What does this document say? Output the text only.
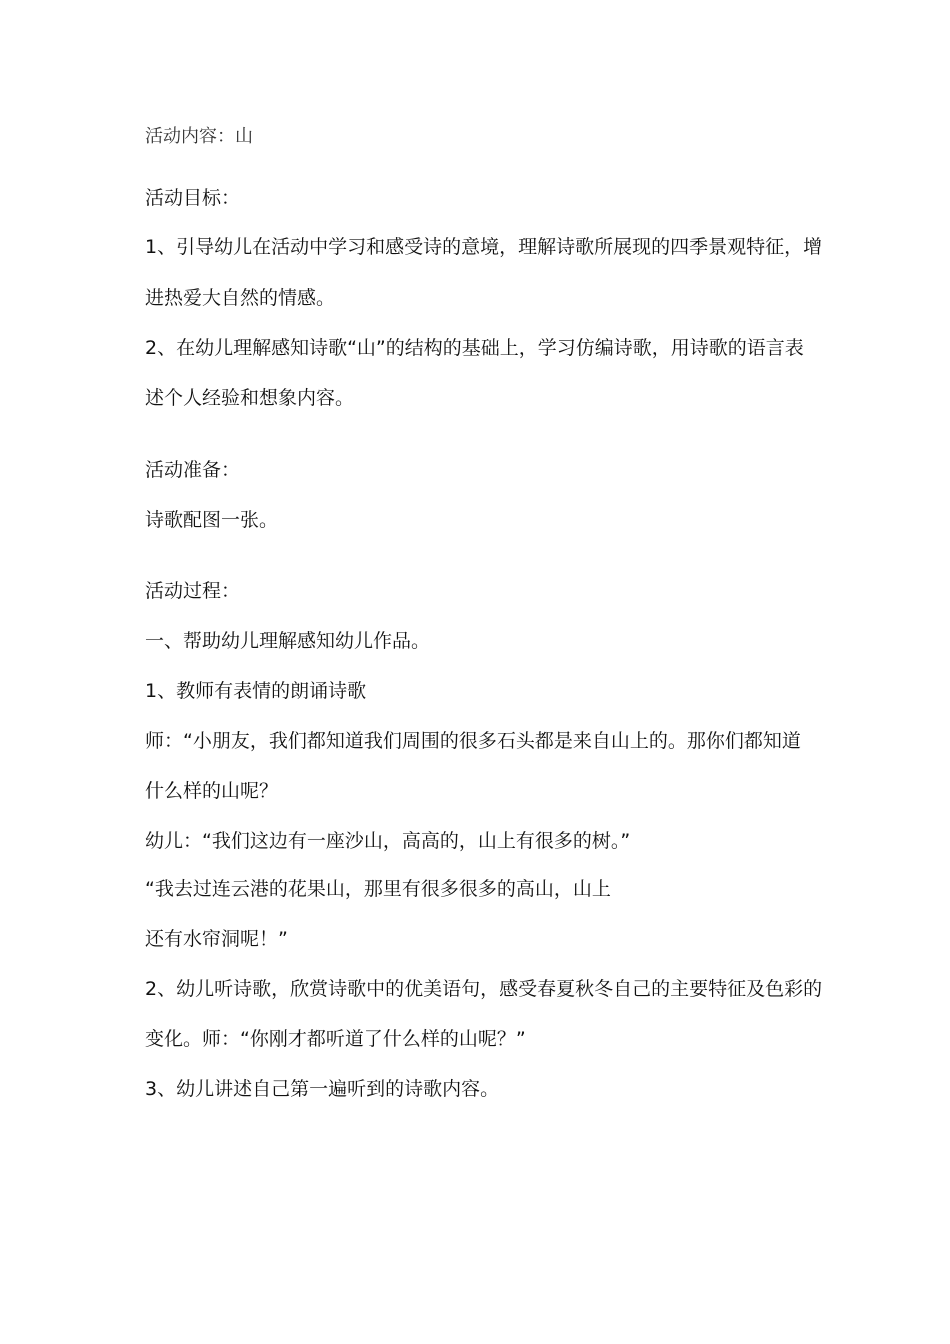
活动内容：山
活动目标：
1、引导幼儿在活动中学习和感受诗的意境，理解诗歌所展现的四季景观特征，增
进热爱大自然的情感。
2、在幼儿理解感知诗歌“山”的结构的基础上，学习仿编诗歌，用诗歌的语言表
述个人经验和想象内容。
活动准备：
诗歌配图一张。
活动过程：
一、帮助幼儿理解感知幼儿作品。
1、教师有表情的朗诵诗歌
师：“小朋友，我们都知道我们周围的很多石头都是来自山上的。那你们都知道
什么样的山呢？
幼儿：“我们这边有一座沙山，高高的，山上有很多的树。”
“我去过连云港的花果山，那里有很多很多的高山，山上
还有水帘洞呢！”
2、幼儿听诗歌，欣赏诗歌中的优美语句，感受春夏秋冬自己的主要特征及色彩的
变化。师：“你刚才都听道了什么样的山呢？”
3、幼儿讲述自己第一遍听到的诗歌内容。
